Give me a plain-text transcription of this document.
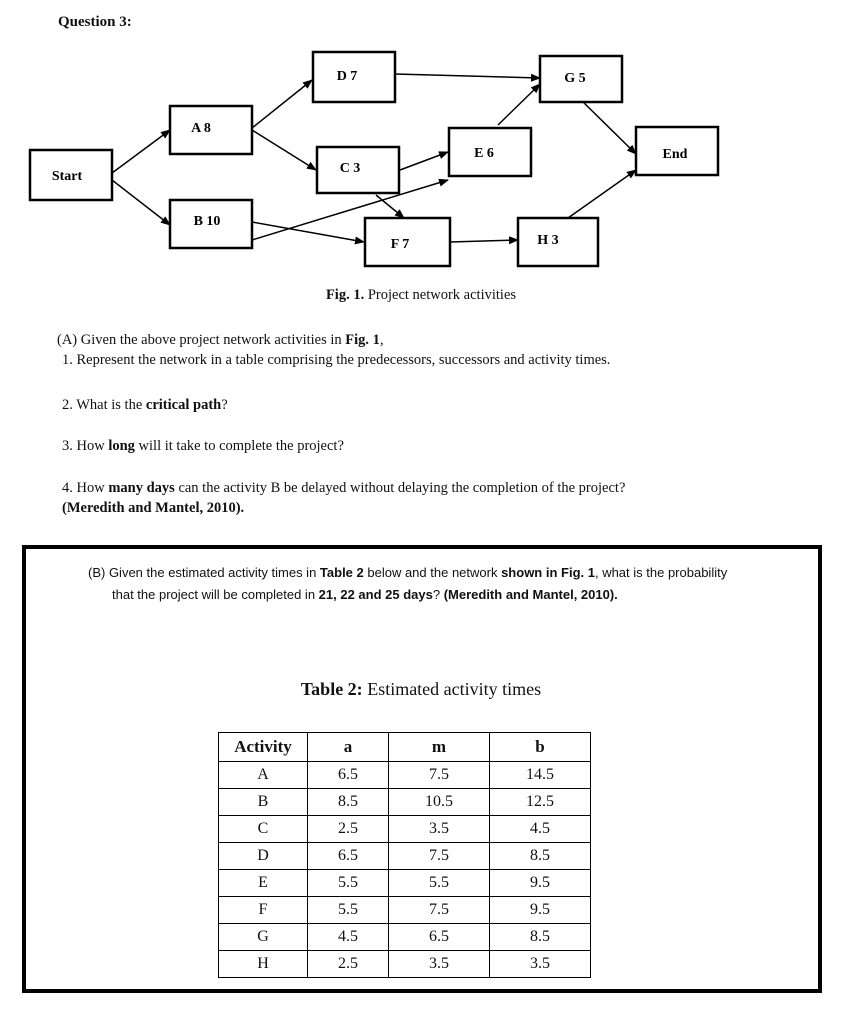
Question 3:
Start
A 8
B 10
D 7
C 3
E 6
F 7
G 5
H 3
End
Fig. 1. Project network activities
(A) Given the above project network activities in Fig. 1,
1. Represent the network in a table comprising the predecessors, successors and activity times.
2. What is the critical path?
3. How long will it take to complete the project?
4. How many days can the activity B be delayed without delaying the completion of the project?
(Meredith and Mantel, 2010).
(B) Given the estimated activity times in Table 2 below and the network shown in Fig. 1, what is the probability that the project will be completed in 21, 22 and 25 days? (Meredith and Mantel, 2010).
Table 2: Estimated activity times
Activity	a	m	b
A	6.5	7.5	14.5
B	8.5	10.5	12.5
C	2.5	3.5	4.5
D	6.5	7.5	8.5
E	5.5	5.5	9.5
F	5.5	7.5	9.5
G	4.5	6.5	8.5
H	2.5	3.5	3.5
